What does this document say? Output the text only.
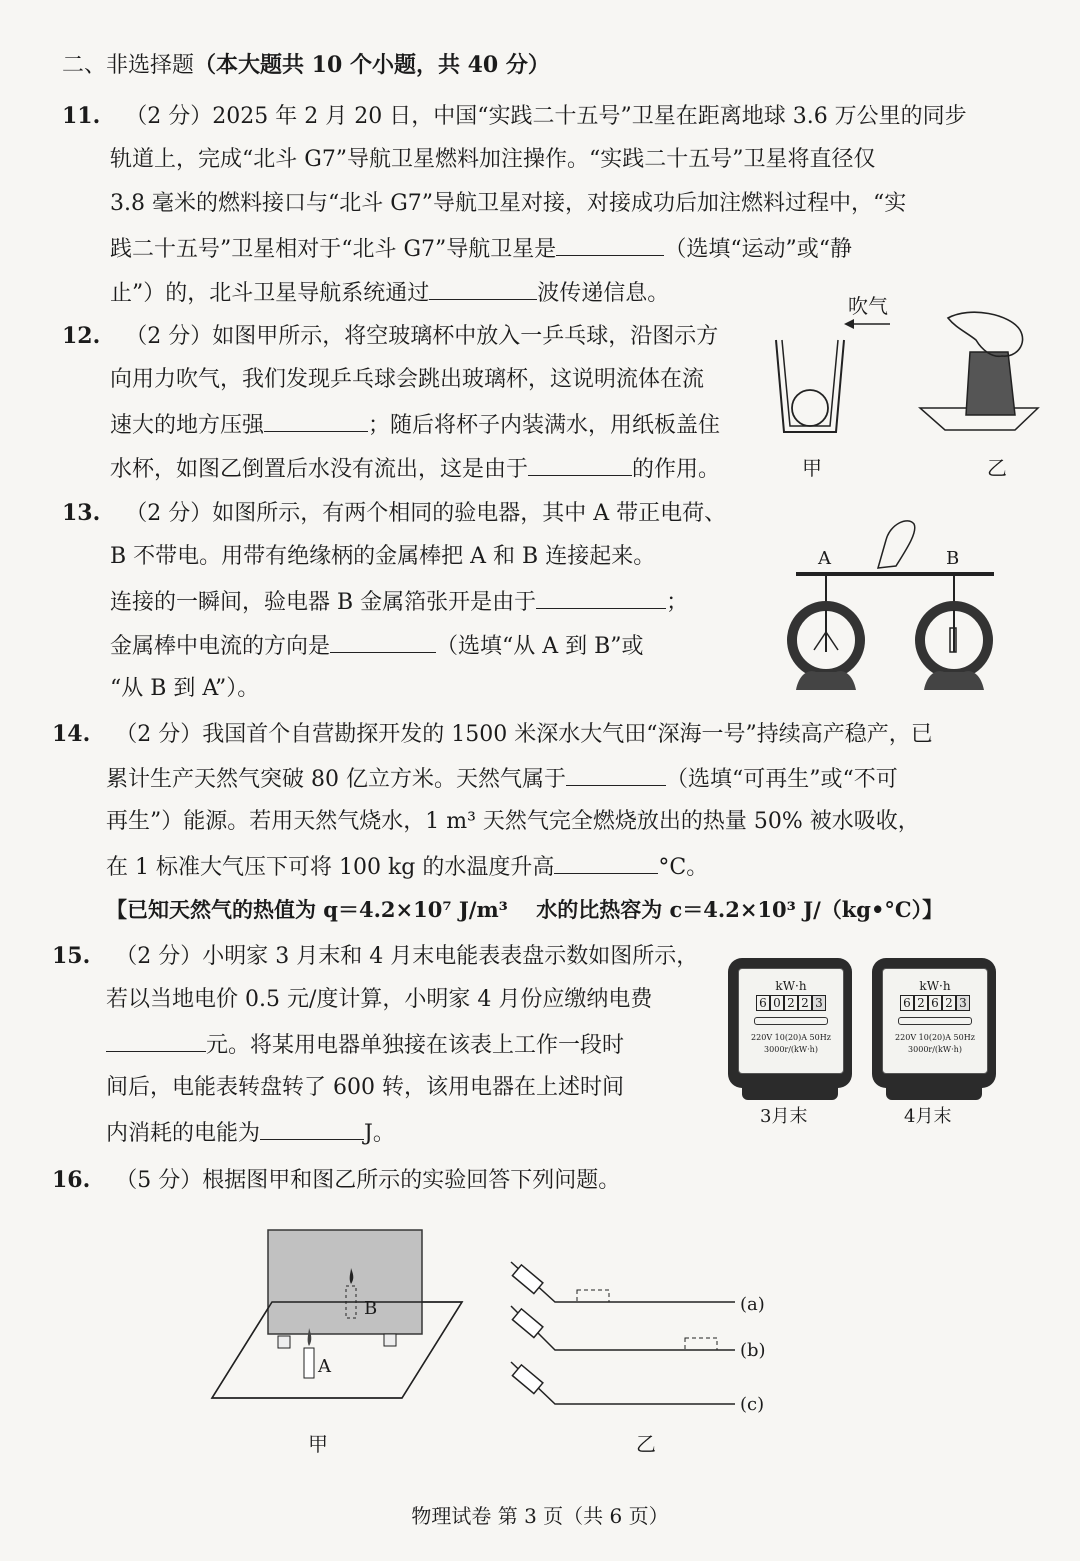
二、非选择题（本大题共 10 个小题，共 40 分）
11. （2 分）2025 年 2 月 20 日，中国“实践二十五号”卫星在距离地球 3.6 万公里的同步
轨道上，完成“北斗 G7”导航卫星燃料加注操作。“实践二十五号”卫星将直径仅
3.8 毫米的燃料接口与“北斗 G7”导航卫星对接，对接成功后加注燃料过程中，“实
践二十五号”卫星相对于“北斗 G7”导航卫星是	（选填“运动”或“静
止”）的，北斗卫星导航系统通过	波传递信息。
12. （2 分）如图甲所示，将空玻璃杯中放入一乒乓球，沿图示方
向用力吹气，我们发现乒乓球会跳出玻璃杯，这说明流体在流
速大的地方压强	；随后将杯子内装满水，用纸板盖住
水杯，如图乙倒置后水没有流出，这是由于	的作用。
吹气
甲	乙
13. （2 分）如图所示，有两个相同的验电器，其中 A 带正电荷、
B 不带电。用带有绝缘柄的金属棒把 A 和 B 连接起来。
连接的一瞬间，验电器 B 金属箔张开是由于	；
金属棒中电流的方向是	（选填“从 A 到 B”或
“从 B 到 A”）。
A	B
14. （2 分）我国首个自营勘探开发的 1500 米深水大气田“深海一号”持续高产稳产，已
累计生产天然气突破 80 亿立方米。天然气属于	（选填“可再生”或“不可
再生”）能源。若用天然气烧水，1 m³ 天然气完全燃烧放出的热量 50% 被水吸收，
在 1 标准大气压下可将 100 kg 的水温度升高	°C。
【已知天然气的热值为 q＝4.2×10⁷ J/m³　 水的比热容为 c＝4.2×10³ J/（kg•°C）】
15. （2 分）小明家 3 月末和 4 月末电能表表盘示数如图所示，
若以当地电价 0.5 元/度计算，小明家 4 月份应缴纳电费
元。将某用电器单独接在该表上工作一段时
间后，电能表转盘转了 600 转，该用电器在上述时间
内消耗的电能为	J。
kW·h
6 0 2 2 3
220V 10(20)A 50Hz
3000r/(kW·h)
3月末
kW·h
6 2 6 2 3
220V 10(20)A 50Hz
3000r/(kW·h)
4月末
16. （5 分）根据图甲和图乙所示的实验回答下列问题。
A
B
甲
(a)
(b)
(c)
乙
物理试卷 第 3 页（共 6 页）
